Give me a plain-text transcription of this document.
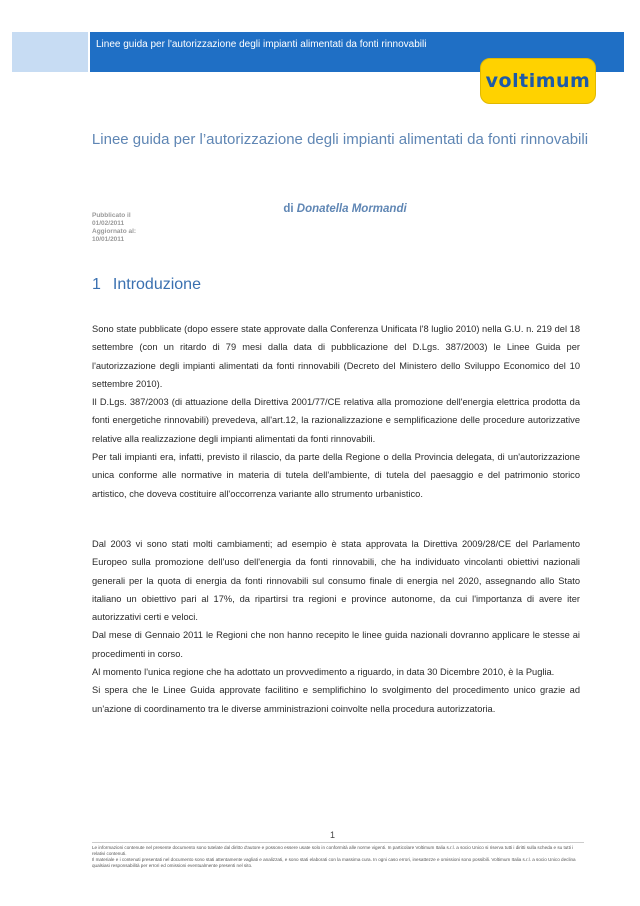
Linee guida per l'autorizzazione degli impianti alimentati da fonti rinnovabili
voltimum
Linee guida per l’autorizzazione degli impianti alimentati da fonti rinnovabili
di Donatella Mormandi
Pubblicato il
01/02/2011
Aggiornato al:
10/01/2011
1 Introduzione

Sono state pubblicate (dopo essere state approvate dalla Conferenza Unificata l'8 luglio 2010) nella G.U. n. 219 del 18 settembre (con un ritardo di 79 mesi dalla data di pubblicazione del D.Lgs. 387/2003) le Linee Guida per l'autorizzazione degli impianti alimentati da fonti rinnovabili (Decreto del Ministero dello Sviluppo Economico del 10 settembre 2010).

Il D.Lgs. 387/2003 (di attuazione della Direttiva 2001/77/CE relativa alla promozione dell'energia elettrica prodotta da fonti energetiche rinnovabili) prevedeva, all'art.12, la razionalizzazione e semplificazione delle procedure autorizzative relative alla realizzazione degli impianti alimentati da fonti rinnovabili.

Per tali impianti era, infatti, previsto il rilascio, da parte della Regione o della Provincia delegata, di un'autorizzazione unica conforme alle normative in materia di tutela dell'ambiente, di tutela del paesaggio e del patrimonio storico artistico, che doveva costituire all'occorrenza variante allo strumento urbanistico.

Dal 2003 vi sono stati molti cambiamenti; ad esempio è stata approvata la Direttiva 2009/28/CE del Parlamento Europeo sulla promozione dell'uso dell'energia da fonti rinnovabili, che ha individuato vincolanti obiettivi nazionali generali per la quota di energia da fonti rinnovabili sul consumo finale di energia nel 2020, assegnando allo Stato italiano un obiettivo pari al 17%, da ripartirsi tra regioni e province autonome, da cui l'importanza di avere iter autorizzativi certi e veloci.

Dal mese di Gennaio 2011 le Regioni che non hanno recepito le linee guida nazionali dovranno applicare le stesse ai procedimenti in corso.

Al momento l'unica regione che ha adottato un provvedimento a riguardo, in data 30 Dicembre 2010, è la Puglia.

Si spera che le Linee Guida approvate facilitino e semplifichino lo svolgimento del procedimento unico grazie ad un'azione di coordinamento tra le diverse amministrazioni coinvolte nella procedura autorizzatoria.

1

Le informazioni contenute nel presente documento sono tutelate dal diritto d'autore e possono essere usate solo in conformità alle norme vigenti. In particolare Voltimum Italia s.r.l. a socio Unico si riserva tutti i diritti sulla scheda e su tutti i relativi contenuti.

Il materiale e i contenuti presentati nel documento sono stati attentamente vagliati e analizzati, e sono stati elaborati con la massima cura. In ogni caso errori, inesattezze e omissioni sono possibili. Voltimum Italia s.r.l. a socio Unico declina qualsiasi responsabilità per errori ed omissioni eventualmente presenti nel sito.
